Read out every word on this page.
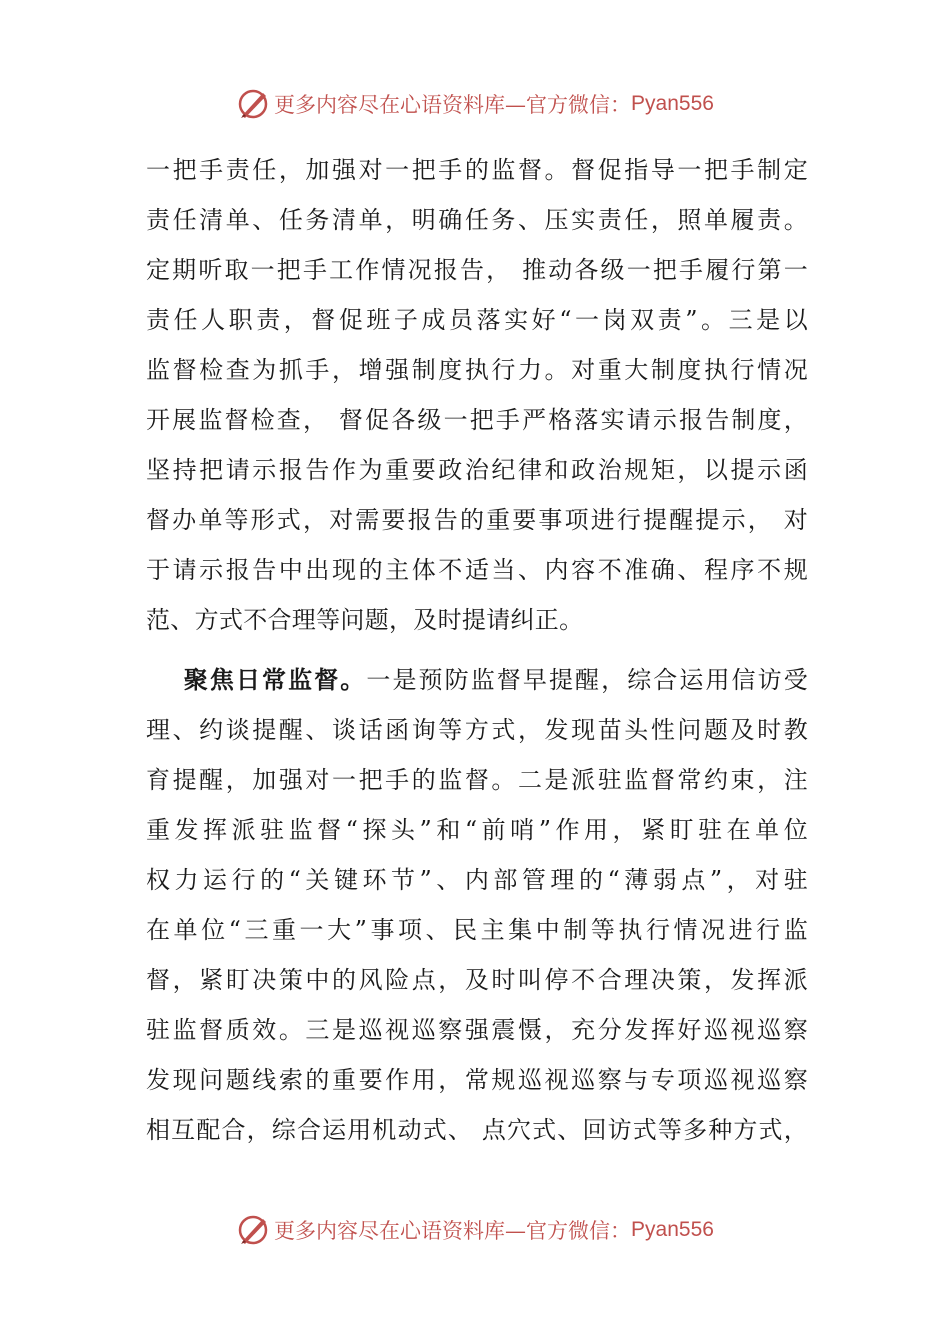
更多内容尽在心语资料库—官方微信： Pyan556
一把手责任，加强对一把手的监督。督促指导一把手制定
责任清单、任务清单，明确任务、压实责任，照单履责。
定期听取一把手工作情况报告， 推动各级一把手履行第一
责任人职责，督促班子成员落实好“一岗双责”。三是以
监督检查为抓手，增强制度执行力。对重大制度执行情况
开展监督检查， 督促各级一把手严格落实请示报告制度，
坚持把请示报告作为重要政治纪律和政治规矩，以提示函
督办单等形式，对需要报告的重要事项进行提醒提示， 对
于请示报告中出现的主体不适当、内容不准确、程序不规
范、方式不合理等问题，及时提请纠正。
聚焦日常监督。一是预防监督早提醒，综合运用信访受
理、约谈提醒、谈话函询等方式，发现苗头性问题及时教
育提醒，加强对一把手的监督。二是派驻监督常约束，注
重发挥派驻监督“探头”和“前哨”作用，紧盯驻在单位
权力运行的“关键环节”、内部管理的“薄弱点”，对驻
在单位“三重一大”事项、民主集中制等执行情况进行监
督，紧盯决策中的风险点，及时叫停不合理决策，发挥派
驻监督质效。三是巡视巡察强震慑，充分发挥好巡视巡察
发现问题线索的重要作用，常规巡视巡察与专项巡视巡察
相互配合，综合运用机动式、 点穴式、回访式等多种方式，
更多内容尽在心语资料库—官方微信： Pyan556
